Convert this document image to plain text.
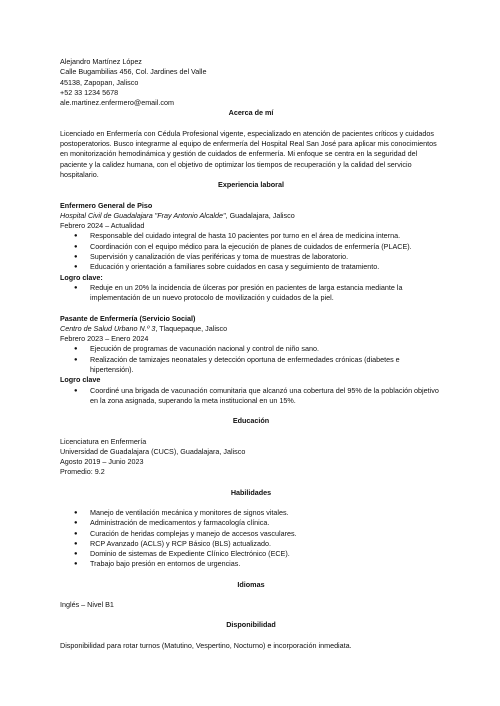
Alejandro Martínez López
Calle Bugambilias 456, Col. Jardines del Valle
45138, Zapopan, Jalisco
+52 33 1234 5678
ale.martinez.enfermero@email.com
Acerca de mí
Licenciado en Enfermería con Cédula Profesional vigente, especializado en atención de pacientes críticos y cuidados postoperatorios. Busco integrarme al equipo de enfermería del Hospital Real San José para aplicar mis conocimientos en monitorización hemodinámica y gestión de cuidados de enfermería. Mi enfoque se centra en la seguridad del paciente y la calidez humana, con el objetivo de optimizar los tiempos de recuperación y la calidad del servicio hospitalario.
Experiencia laboral
Enfermero General de Piso
Hospital Civil de Guadalajara "Fray Antonio Alcalde", Guadalajara, Jalisco
Febrero 2024 – Actualidad
● Responsable del cuidado integral de hasta 10 pacientes por turno en el área de medicina interna.
● Coordinación con el equipo médico para la ejecución de planes de cuidados de enfermería (PLACE).
● Supervisión y canalización de vías periféricas y toma de muestras de laboratorio.
● Educación y orientación a familiares sobre cuidados en casa y seguimiento de tratamiento.
Logro clave:
● Reduje en un 20% la incidencia de úlceras por presión en pacientes de larga estancia mediante la implementación de un nuevo protocolo de movilización y cuidados de la piel.
Pasante de Enfermería (Servicio Social)
Centro de Salud Urbano N.º 3, Tlaquepaque, Jalisco
Febrero 2023 – Enero 2024
● Ejecución de programas de vacunación nacional y control de niño sano.
● Realización de tamizajes neonatales y detección oportuna de enfermedades crónicas (diabetes e hipertensión).
Logro clave
● Coordiné una brigada de vacunación comunitaria que alcanzó una cobertura del 95% de la población objetivo en la zona asignada, superando la meta institucional en un 15%.
Educación
Licenciatura en Enfermería
Universidad de Guadalajara (CUCS), Guadalajara, Jalisco
Agosto 2019 – Junio 2023
Promedio: 9.2
Habilidades
● Manejo de ventilación mecánica y monitores de signos vitales.
● Administración de medicamentos y farmacología clínica.
● Curación de heridas complejas y manejo de accesos vasculares.
● RCP Avanzado (ACLS) y RCP Básico (BLS) actualizado.
● Dominio de sistemas de Expediente Clínico Electrónico (ECE).
● Trabajo bajo presión en entornos de urgencias.
Idiomas
Inglés – Nivel B1
Disponibilidad
Disponibilidad para rotar turnos (Matutino, Vespertino, Nocturno) e incorporación inmediata.
